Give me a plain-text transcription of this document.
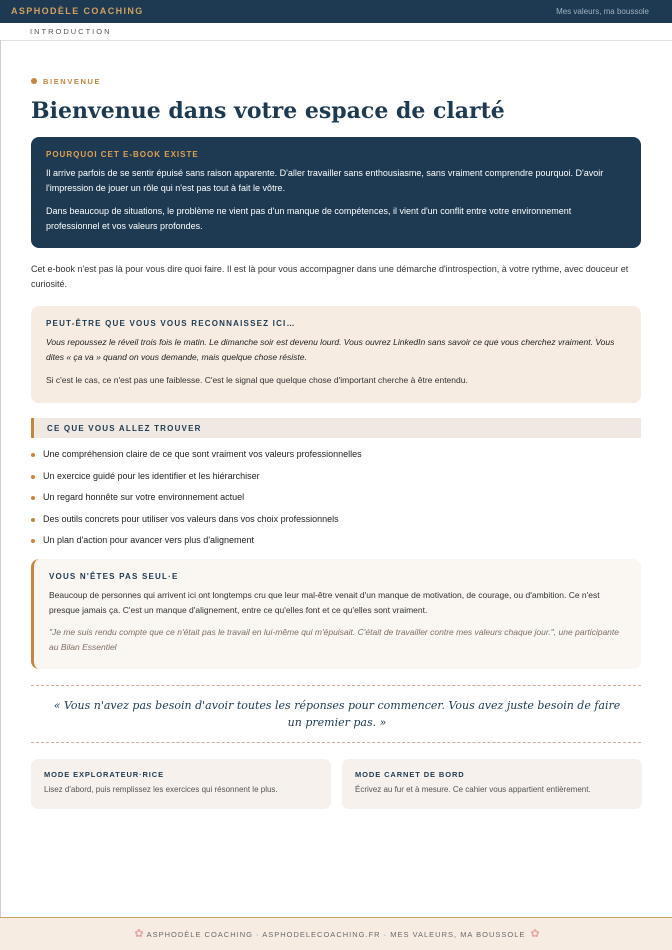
ASPHODÈLE COACHING	Mes valeurs, ma boussole
INTRODUCTION
BIENVENUE
Bienvenue dans votre espace de clarté
POURQUOI CET E-BOOK EXISTE

Il arrive parfois de se sentir épuisé sans raison apparente. D'aller travailler sans enthousiasme, sans vraiment comprendre pourquoi. D'avoir l'impression de jouer un rôle qui n'est pas tout à fait le vôtre.

Dans beaucoup de situations, le problème ne vient pas d'un manque de compétences, il vient d'un conflit entre votre environnement professionnel et vos valeurs profondes.

Cet e-book n'est pas là pour vous dire quoi faire. Il est là pour vous accompagner dans une démarche d'introspection, à votre rythme, avec douceur et curiosité.

PEUT-ÊTRE QUE VOUS VOUS RECONNAISSEZ ICI…

Vous repoussez le réveil trois fois le matin. Le dimanche soir est devenu lourd. Vous ouvrez LinkedIn sans savoir ce que vous cherchez vraiment. Vous dites « ça va » quand on vous demande, mais quelque chose résiste.

Si c'est le cas, ce n'est pas une faiblesse. C'est le signal que quelque chose d'important cherche à être entendu.

CE QUE VOUS ALLEZ TROUVER
Une compréhension claire de ce que sont vraiment vos valeurs professionnelles
Un exercice guidé pour les identifier et les hiérarchiser
Un regard honnête sur votre environnement actuel
Des outils concrets pour utiliser vos valeurs dans vos choix professionnels
Un plan d'action pour avancer vers plus d'alignement
VOUS N'ÊTES PAS SEUL·E

Beaucoup de personnes qui arrivent ici ont longtemps cru que leur mal-être venait d'un manque de motivation, de courage, ou d'ambition. Ce n'est presque jamais ça. C'est un manque d'alignement, entre ce qu'elles font et ce qu'elles sont vraiment.

"Je me suis rendu compte que ce n'était pas le travail en lui-même qui m'épuisait. C'était de travailler contre mes valeurs chaque jour.", une participante au Bilan Essentiel

« Vous n'avez pas besoin d'avoir toutes les réponses pour commencer. Vous avez juste besoin de faire un premier pas. »
MODE EXPLORATEUR·RICE
Lisez d'abord, puis remplissez les exercices qui résonnent le plus.
MODE CARNET DE BORD
Écrivez au fur et à mesure. Ce cahier vous appartient entièrement.
✿ ASPHODÈLE COACHING · ASPHODELECOACHING.FR · MES VALEURS, MA BOUSSOLE ✿
